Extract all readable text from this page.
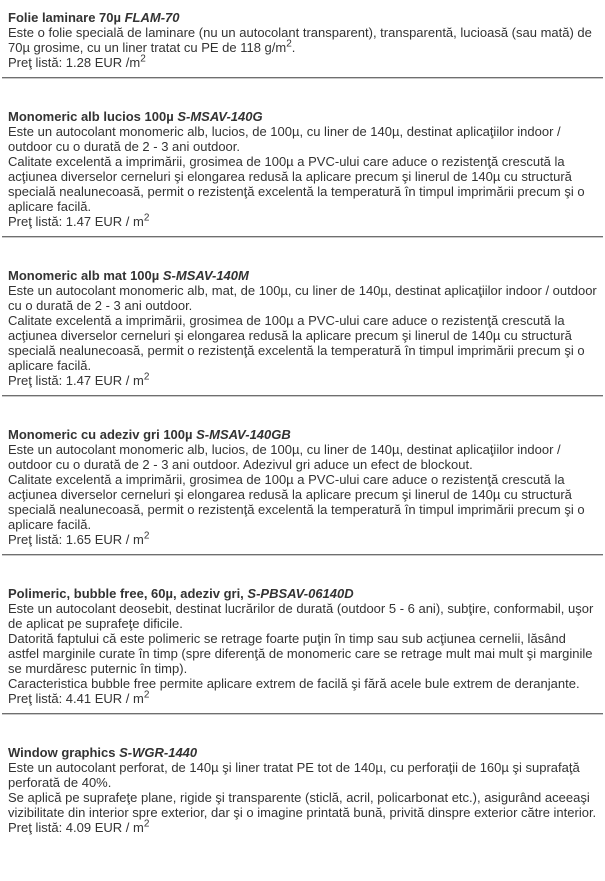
Folie laminare 70µ FLAM-70
Este o folie specială de laminare (nu un autocolant transparent), transparentă, lucioasă (sau mată) de 70µ grosime, cu un liner tratat cu PE de 118 $g/m^2$.
Preţ listă: 1.28 EUR $/m^2$
Monomeric alb lucios 100µ S-MSAV-140G
Este un autocolant monomeric alb, lucios, de 100µ, cu liner de 140µ, destinat aplicaţiilor indoor / outdoor cu o durată de 2 - 3 ani outdoor.
Calitate excelentă a imprimării, grosimea de 100µ a PVC-ului care aduce o rezistenţă crescută la acţiunea diverselor cerneluri şi elongarea redusă la aplicare precum şi linerul de 140µ cu structură specială nealunecoasă, permit o rezistenţă excelentă la temperatură în timpul imprimării precum şi o aplicare facilă.
Preţ listă: 1.47 EUR / $m^2$
Monomeric alb mat 100µ S-MSAV-140M
Este un autocolant monomeric alb, mat, de 100µ, cu liner de 140µ, destinat aplicaţiilor indoor / outdoor cu o durată de 2 - 3 ani outdoor.
Calitate excelentă a imprimării, grosimea de 100µ a PVC-ului care aduce o rezistenţă crescută la acţiunea diverselor cerneluri şi elongarea redusă la aplicare precum şi linerul de 140µ cu structură specială nealunecoasă, permit o rezistenţă excelentă la temperatură în timpul imprimării precum şi o aplicare facilă.
Preţ listă: 1.47 EUR / $m^2$
Monomeric cu adeziv gri 100µ S-MSAV-140GB
Este un autocolant monomeric alb, lucios, de 100µ, cu liner de 140µ, destinat aplicaţiilor indoor / outdoor cu o durată de 2 - 3 ani outdoor. Adezivul gri aduce un efect de blockout.
Calitate excelentă a imprimării, grosimea de 100µ a PVC-ului care aduce o rezistenţă crescută la acţiunea diverselor cerneluri şi elongarea redusă la aplicare precum şi linerul de 140µ cu structură specială nealunecoasă, permit o rezistenţă excelentă la temperatură în timpul imprimării precum şi o aplicare facilă.
Preţ listă: 1.65 EUR / $m^2$
Polimeric, bubble free, 60µ, adeziv gri, S-PBSAV-06140D
Este un autocolant deosebit, destinat lucrărilor de durată (outdoor 5 - 6 ani), subţire, conformabil, uşor de aplicat pe suprafeţe dificile.
Datorită faptului că este polimeric se retrage foarte puţin în timp sau sub acţiunea cernelii, lăsând astfel marginile curate în timp (spre diferenţă de monomeric care se retrage mult mai mult şi marginile se murdăresc puternic în timp).
Caracteristica bubble free permite aplicare extrem de facilă şi fără acele bule extrem de deranjante.
Preţ listă: 4.41 EUR / $m^2$
Window graphics S-WGR-1440
Este un autocolant perforat, de 140µ şi liner tratat PE tot de 140µ, cu perforaţii de 160µ şi suprafaţă perforată de 40%.
Se aplică pe suprafeţe plane, rigide şi transparente (sticlă, acril, policarbonat etc.), asigurând aceeaşi vizibilitate din interior spre exterior, dar şi o imagine printată bună, privită dinspre exterior către interior.
Preţ listă: 4.09 EUR / $m^2$
